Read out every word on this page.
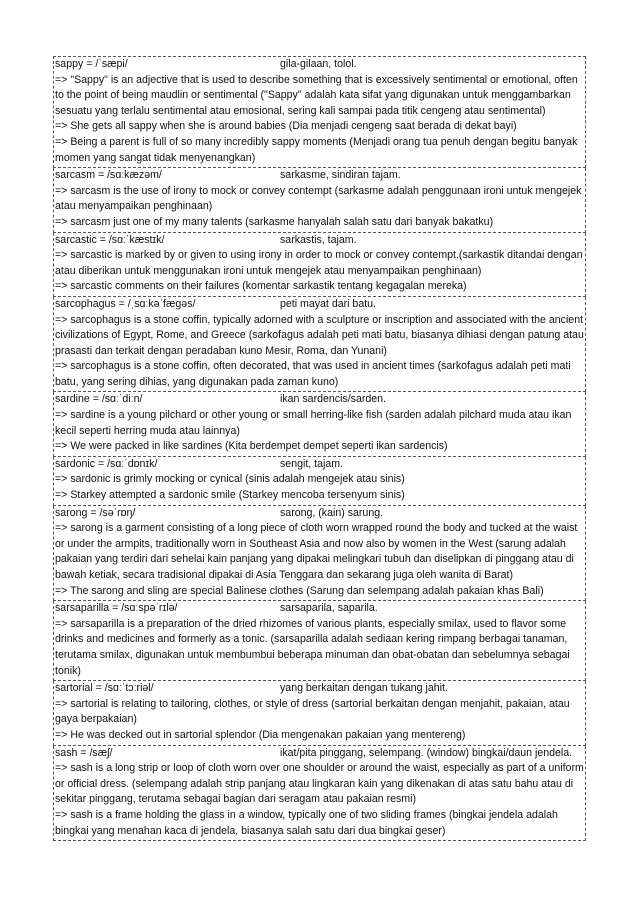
sappy = /ˈsæpi/	gila-gilaan, tolol.
=> "Sappy" is an adjective that is used to describe something that is excessively sentimental or emotional, often to the point of being maudlin or sentimental ("Sappy" adalah kata sifat yang digunakan untuk menggambarkan sesuatu yang terlalu sentimental atau emosional, sering kali sampai pada titik cengeng atau sentimental)
=> She gets all sappy when she is around babies (Dia menjadi cengeng saat berada di dekat bayi)
=> Being a parent is full of so many incredibly sappy moments (Menjadi orang tua penuh dengan begitu banyak momen yang sangat tidak menyenangkan)
sarcasm = /sɑːkæzəm/	sarkasme, sindiran tajam.
=> sarcasm is the use of irony to mock or convey contempt (sarkasme adalah penggunaan ironi untuk mengejek atau menyampaikan penghinaan)
=> sarcasm just one of my many talents (sarkasme hanyalah salah satu dari banyak bakatku)
sarcastic = /sɑːˈkæstɪk/	sarkastis, tajam.
=> sarcastic is marked by or given to using irony in order to mock or convey contempt.(sarkastik ditandai dengan atau diberikan untuk menggunakan ironi untuk mengejek atau menyampaikan penghinaan)
=> sarcastic comments on their failures (komentar sarkastik tentang kegagalan mereka)
sarcophagus = /ˌsɑːkəˈfægəs/	peti mayat dari batu.
=> sarcophagus is a stone coffin, typically adorned with a sculpture or inscription and associated with the ancient civilizations of Egypt, Rome, and Greece (sarkofagus adalah peti mati batu, biasanya dihiasi dengan patung atau prasasti dan terkait dengan peradaban kuno Mesir, Roma, dan Yunani)
=> sarcophagus is a stone coffin, often decorated, that was used in ancient times (sarkofagus adalah peti mati batu, yang sering dihias, yang digunakan pada zaman kuno)
sardine = /sɑːˈdiːn/	ikan sardencis/sarden.
=> sardine is a young pilchard or other young or small herring-like fish (sarden adalah pilchard muda atau ikan kecil seperti herring muda atau lainnya)
=> We were packed in like sardines (Kita berdempet dempet seperti ikan sardencis)
sardonic = /sɑːˈdɒnɪk/	sengit, tajam.
=> sardonic is grimly mocking or cynical (sinis adalah mengejek atau sinis)
=> Starkey attempted a sardonic smile (Starkey mencoba tersenyum sinis)
sarong = /səˈrɒŋ/	sarong, (kain) sarung.
=> sarong is a garment consisting of a long piece of cloth worn wrapped round the body and tucked at the waist or under the armpits, traditionally worn in Southeast Asia and now also by women in the West (sarung adalah pakaian yang terdiri dari sehelai kain panjang yang dipakai melingkari tubuh dan diselipkan di pinggang atau di bawah ketiak, secara tradisional dipakai di Asia Tenggara dan sekarang juga oleh wanita di Barat)
=> The sarong and sling are special Balinese clothes (Sarung dan selempang adalah pakaian khas Bali)
sarsaparilla = /sɑːspəˈrɪlə/	sarsaparila, saparila.
=> sarsaparilla is a preparation of the dried rhizomes of various plants, especially smilax, used to flavor some drinks and medicines and formerly as a tonic. (sarsaparilla adalah sediaan kering rimpang berbagai tanaman, terutama smilax, digunakan untuk membumbui beberapa minuman dan obat-obatan dan sebelumnya sebagai tonik)
sartorial = /sɑːˈtɔːriəl/	yang berkaitan dengan tukang jahit.
=> sartorial is relating to tailoring, clothes, or style of dress (sartorial berkaitan dengan menjahit, pakaian, atau gaya berpakaian)
=> He was decked out in sartorial splendor (Dia mengenakan pakaian yang mentereng)
sash = /sæʃ/	ikat/pita pinggang, selempang. (window) bingkai/daun jendela.
=> sash is a long strip or loop of cloth worn over one shoulder or around the waist, especially as part of a uniform or official dress. (selempang adalah strip panjang atau lingkaran kain yang dikenakan di atas satu bahu atau di sekitar pinggang, terutama sebagai bagian dari seragam atau pakaian resmi)
=> sash is a frame holding the glass in a window, typically one of two sliding frames (bingkai jendela adalah bingkai yang menahan kaca di jendela, biasanya salah satu dari dua bingkai geser)
